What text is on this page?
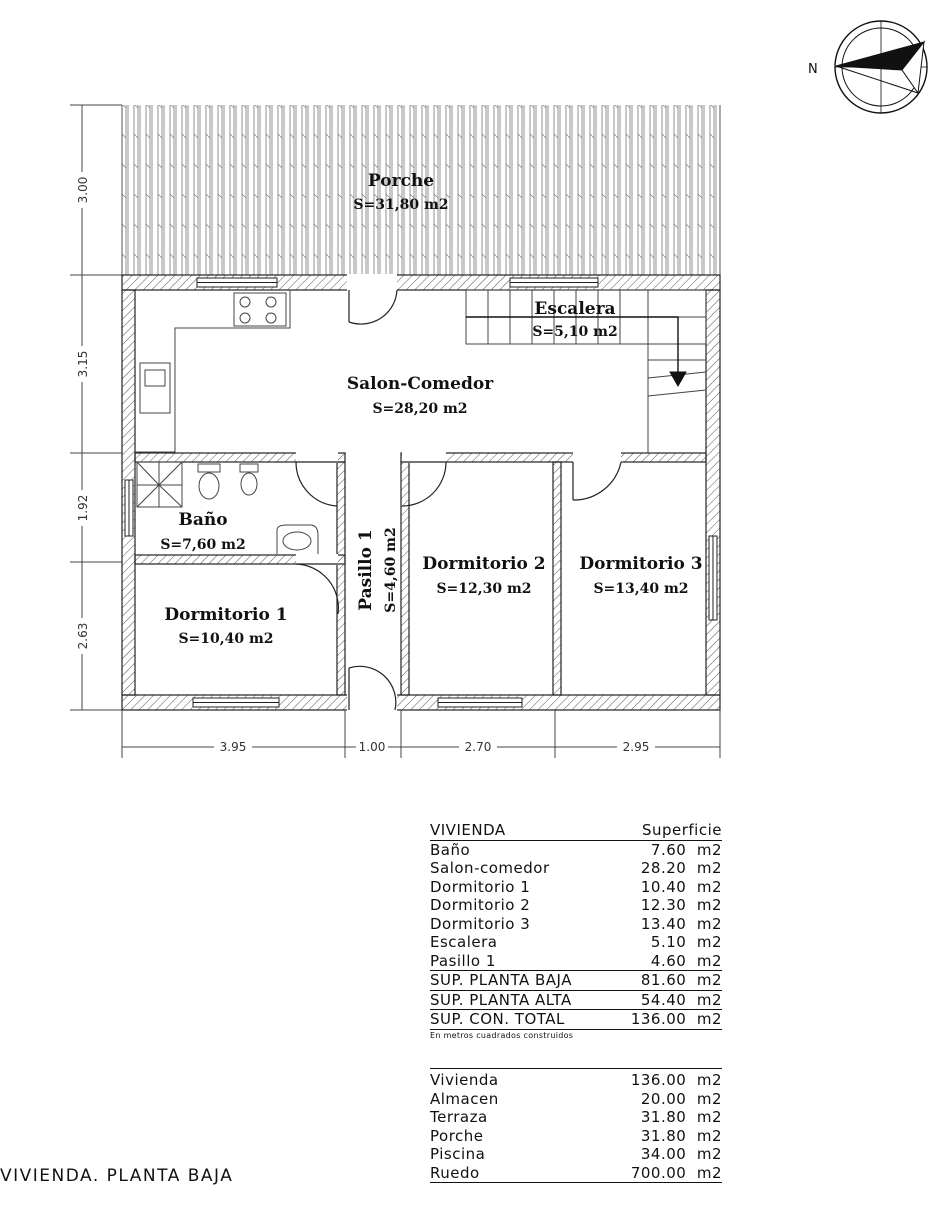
Porche
S=31,80 m2
Escalera
S=5,10 m2
Salon-Comedor
S=28,20 m2
Baño
S=7,60 m2
Dormitorio 1
S=10,40 m2
Dormitorio 2
S=12,30 m2
Dormitorio 3
S=13,40 m2
Pasillo 1 S=4,60 m2
3.00
3.15
1.92
2.63
3.95	1.00	2.70	2.95
N
VIVIENDA	Superficie
Baño	7.60  m2
Salon-comedor	28.20  m2
Dormitorio 1	10.40  m2
Dormitorio 2	12.30  m2
Dormitorio 3	13.40  m2
Escalera	5.10  m2
Pasillo 1	4.60  m2
SUP. PLANTA BAJA	81.60  m2
SUP. PLANTA ALTA	54.40  m2
SUP. CON. TOTAL	136.00  m2
En metros cuadrados construidos
Vivienda	136.00  m2
Almacen	20.00  m2
Terraza	31.80  m2
Porche	31.80  m2
Piscina	34.00  m2
Ruedo	700.00  m2
VIVIENDA. PLANTA BAJA
